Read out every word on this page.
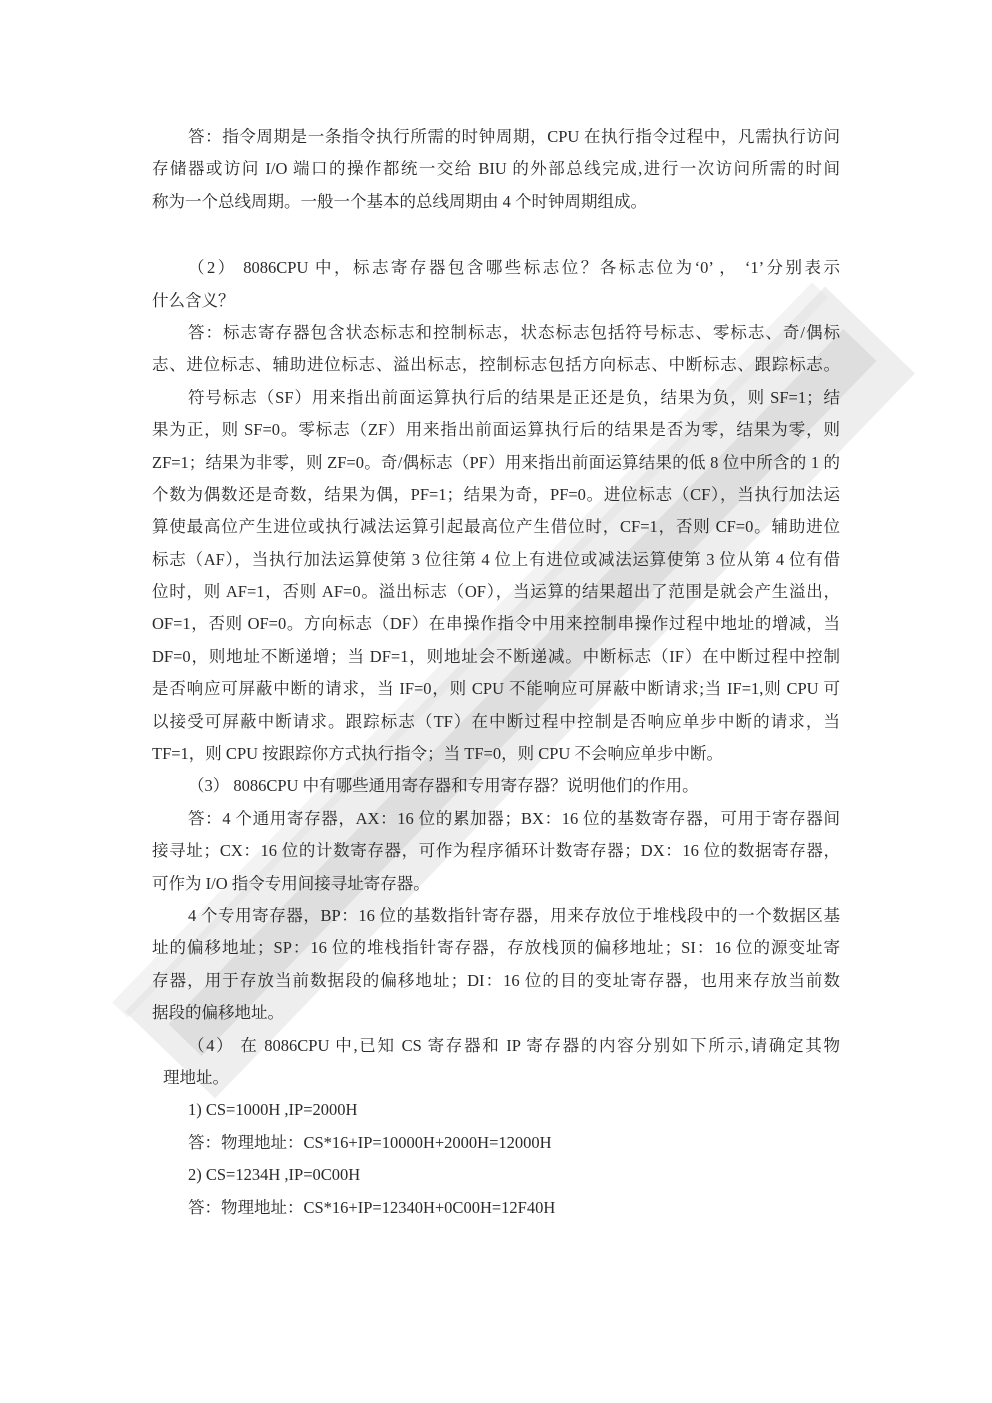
答：指令周期是一条指令执行所需的时钟周期，CPU 在执行指令过程中，凡需执行访问
存储器或访问 I/O 端口的操作都统一交给 BIU 的外部总线完成,进行一次访问所需的时间
称为一个总线周期。一般一个基本的总线周期由 4 个时钟周期组成。
（2） 8086CPU 中，标志寄存器包含哪些标志位？各标志位为‘0’ ， ‘1’分别表示
什么含义？
答：标志寄存器包含状态标志和控制标志，状态标志包括符号标志、零标志、奇/偶标
志、进位标志、辅助进位标志、溢出标志，控制标志包括方向标志、中断标志、跟踪标志。
符号标志（SF）用来指出前面运算执行后的结果是正还是负，结果为负，则 SF=1；结
果为正，则 SF=0。零标志（ZF）用来指出前面运算执行后的结果是否为零，结果为零，则
ZF=1；结果为非零，则 ZF=0。奇/偶标志（PF）用来指出前面运算结果的低 8 位中所含的 1 的
个数为偶数还是奇数，结果为偶，PF=1；结果为奇，PF=0。进位标志（CF），当执行加法运
算使最高位产生进位或执行减法运算引起最高位产生借位时，CF=1，否则 CF=0。辅助进位
标志（AF），当执行加法运算使第 3 位往第 4 位上有进位或减法运算使第 3 位从第 4 位有借
位时，则 AF=1，否则 AF=0。溢出标志（OF），当运算的结果超出了范围是就会产生溢出，
OF=1，否则 OF=0。方向标志（DF）在串操作指令中用来控制串操作过程中地址的增减，当
DF=0，则地址不断递增；当 DF=1，则地址会不断递减。中断标志（IF）在中断过程中控制
是否响应可屏蔽中断的请求，当 IF=0，则 CPU 不能响应可屏蔽中断请求;当 IF=1,则 CPU 可
以接受可屏蔽中断请求。跟踪标志（TF）在中断过程中控制是否响应单步中断的请求，当
TF=1，则 CPU 按跟踪你方式执行指令；当 TF=0，则 CPU 不会响应单步中断。
（3） 8086CPU 中有哪些通用寄存器和专用寄存器？说明他们的作用。
答：4 个通用寄存器，AX：16 位的累加器；BX：16 位的基数寄存器，可用于寄存器间
接寻址；CX：16 位的计数寄存器，可作为程序循环计数寄存器；DX：16 位的数据寄存器，
可作为 I/O 指令专用间接寻址寄存器。
4 个专用寄存器，BP：16 位的基数指针寄存器，用来存放位于堆栈段中的一个数据区基
址的偏移地址；SP：16 位的堆栈指针寄存器，存放栈顶的偏移地址；SI：16 位的源变址寄
存器，用于存放当前数据段的偏移地址；DI：16 位的目的变址寄存器，也用来存放当前数
据段的偏移地址。
（4） 在 8086CPU 中,已知 CS 寄存器和 IP 寄存器的内容分别如下所示,请确定其物
理地址。
1) CS=1000H ,IP=2000H
答：物理地址：CS*16+IP=10000H+2000H=12000H
2) CS=1234H ,IP=0C00H
答：物理地址：CS*16+IP=12340H+0C00H=12F40H
